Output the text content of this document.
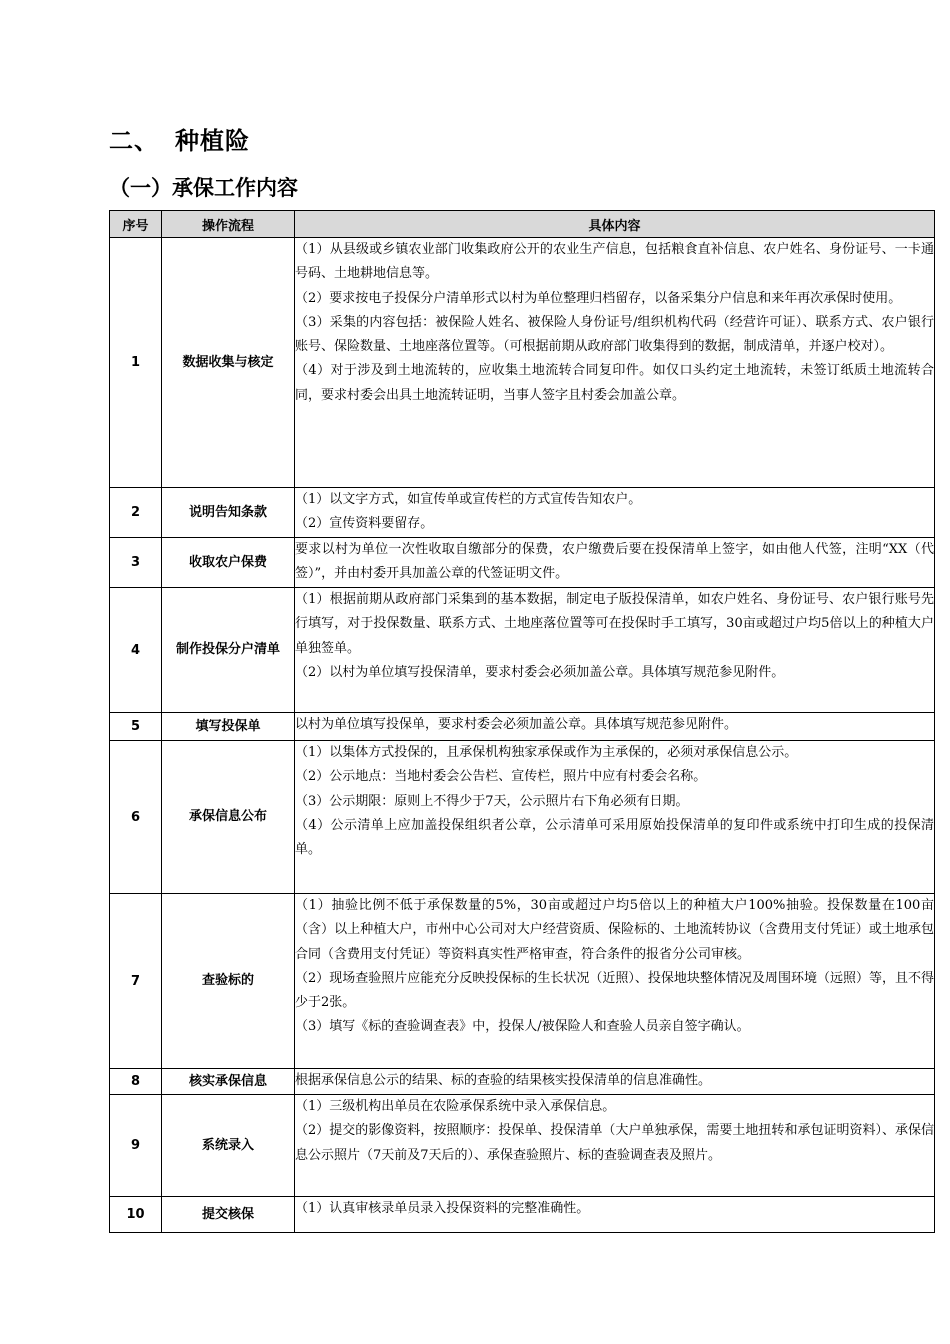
二、 种植险
（一）承保工作内容
序号	操作流程	具体内容
1	数据收集与核定	（1）从县级或乡镇农业部门收集政府公开的农业生产信息，包括粮食直补信息、农户姓名、身份证号、一卡通号码、土地耕地信息等。

（2）要求按电子投保分户清单形式以村为单位整理归档留存，以备采集分户信息和来年再次承保时使用。

（3）采集的内容包括：被保险人姓名、被保险人身份证号/组织机构代码（经营许可证）、联系方式、农户银行账号、保险数量、土地座落位置等。（可根据前期从政府部门收集得到的数据，制成清单，并逐户校对）。

（4）对于涉及到土地流转的，应收集土地流转合同复印件。如仅口头约定土地流转，未签订纸质土地流转合同，要求村委会出具土地流转证明，当事人签字且村委会加盖公章。

2	说明告知条款	（1）以文字方式，如宣传单或宣传栏的方式宣传告知农户。

（2）宣传资料要留存。

3	收取农户保费	要求以村为单位一次性收取自缴部分的保费，农户缴费后要在投保清单上签字，如由他人代签，注明“XX（代签）”，并由村委开具加盖公章的代签证明文件。

4	制作投保分户清单	（1）根据前期从政府部门采集到的基本数据，制定电子版投保清单，如农户姓名、身份证号、农户银行账号先行填写，对于投保数量、联系方式、土地座落位置等可在投保时手工填写，30亩或超过户均5倍以上的种植大户单独签单。

（2）以村为单位填写投保清单，要求村委会必须加盖公章。具体填写规范参见附件。

5	填写投保单	以村为单位填写投保单，要求村委会必须加盖公章。具体填写规范参见附件。

6	承保信息公布	（1）以集体方式投保的，且承保机构独家承保或作为主承保的，必须对承保信息公示。

（2）公示地点：当地村委会公告栏、宣传栏，照片中应有村委会名称。

（3）公示期限：原则上不得少于7天，公示照片右下角必须有日期。

（4）公示清单上应加盖投保组织者公章，公示清单可采用原始投保清单的复印件或系统中打印生成的投保清单。

7	查验标的	（1）抽验比例不低于承保数量的5%，30亩或超过户均5倍以上的种植大户100%抽验。投保数量在100亩（含）以上种植大户，市州中心公司对大户经营资质、保险标的、土地流转协议（含费用支付凭证）或土地承包合同（含费用支付凭证）等资料真实性严格审查，符合条件的报省分公司审核。

（2）现场查验照片应能充分反映投保标的生长状况（近照）、投保地块整体情况及周围环境（远照）等，且不得少于2张。

（3）填写《标的查验调查表》中，投保人/被保险人和查验人员亲自签字确认。

8	核实承保信息	根据承保信息公示的结果、标的查验的结果核实投保清单的信息准确性。

9	系统录入	（1）三级机构出单员在农险承保系统中录入承保信息。

（2）提交的影像资料，按照顺序：投保单、投保清单（大户单独承保，需要土地扭转和承包证明资料）、承保信息公示照片（7天前及7天后的）、承保查验照片、标的查验调查表及照片。

10	提交核保	（1）认真审核录单员录入投保资料的完整准确性。
